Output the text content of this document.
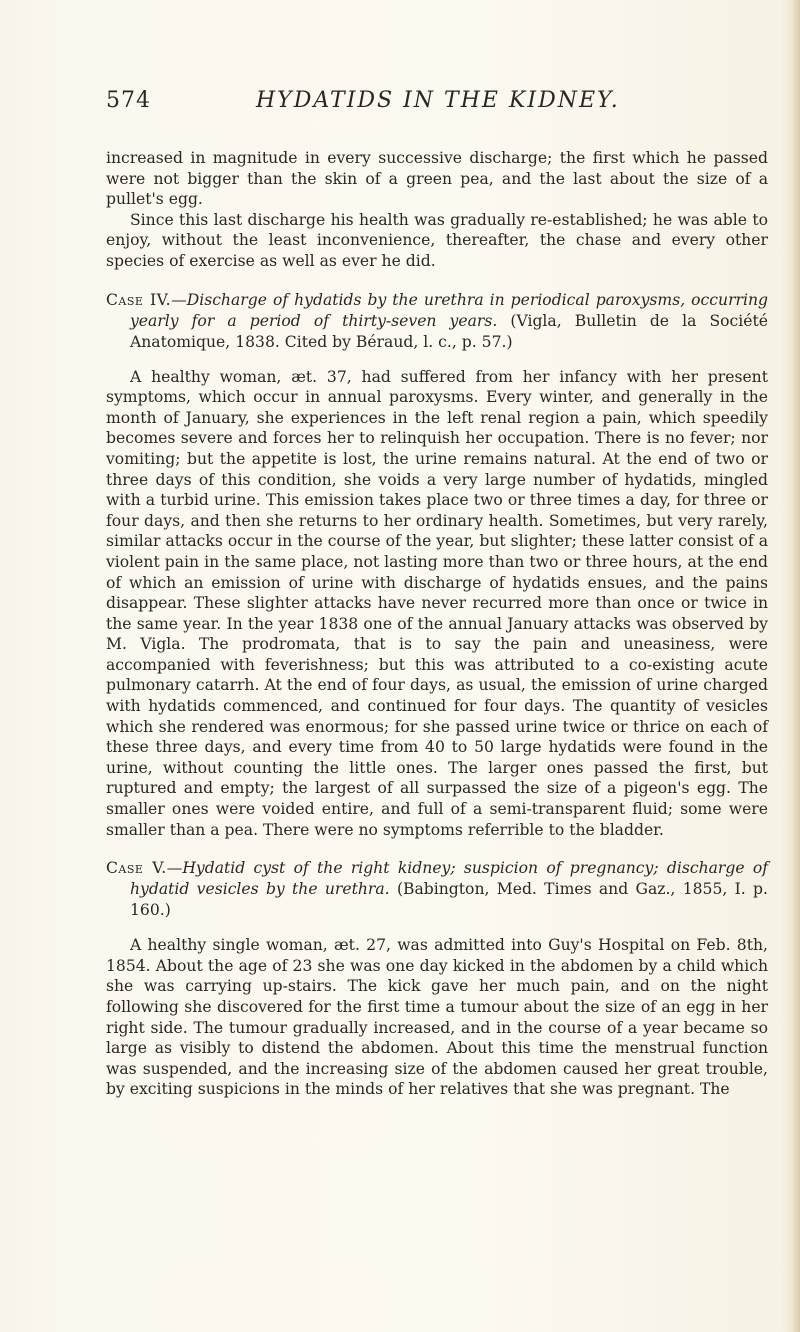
574	HYDATIDS IN THE KIDNEY.

increased in magnitude in every successive discharge; the first which he passed were not bigger than the skin of a green pea, and the last about the size of a pullet's egg.

Since this last discharge his health was gradually re-established; he was able to enjoy, without the least inconvenience, thereafter, the chase and every other species of exercise as well as ever he did.

Case IV.—Discharge of hydatids by the urethra in periodical paroxysms, occurring yearly for a period of thirty-seven years. (Vigla, Bulletin de la Société Anatomique, 1838. Cited by Béraud, l. c., p. 57.)

A healthy woman, æt. 37, had suffered from her infancy with her present symptoms, which occur in annual paroxysms. Every winter, and generally in the month of January, she experiences in the left renal region a pain, which speedily becomes severe and forces her to relinquish her occupation. There is no fever; nor vomiting; but the appetite is lost, the urine remains natural. At the end of two or three days of this condition, she voids a very large number of hydatids, mingled with a turbid urine. This emission takes place two or three times a day, for three or four days, and then she returns to her ordinary health. Sometimes, but very rarely, similar attacks occur in the course of the year, but slighter; these latter consist of a violent pain in the same place, not lasting more than two or three hours, at the end of which an emission of urine with discharge of hydatids ensues, and the pains disappear. These slighter attacks have never recurred more than once or twice in the same year. In the year 1838 one of the annual January attacks was observed by M. Vigla. The prodromata, that is to say the pain and uneasiness, were accompanied with feverishness; but this was attributed to a co-existing acute pulmonary catarrh. At the end of four days, as usual, the emission of urine charged with hydatids commenced, and continued for four days. The quantity of vesicles which she rendered was enormous; for she passed urine twice or thrice on each of these three days, and every time from 40 to 50 large hydatids were found in the urine, without counting the little ones. The larger ones passed the first, but ruptured and empty; the largest of all surpassed the size of a pigeon's egg. The smaller ones were voided entire, and full of a semi-transparent fluid; some were smaller than a pea. There were no symptoms referrible to the bladder.

Case V.—Hydatid cyst of the right kidney; suspicion of pregnancy; discharge of hydatid vesicles by the urethra. (Babington, Med. Times and Gaz., 1855, I. p. 160.)

A healthy single woman, æt. 27, was admitted into Guy's Hospital on Feb. 8th, 1854. About the age of 23 she was one day kicked in the abdomen by a child which she was carrying up-stairs. The kick gave her much pain, and on the night following she discovered for the first time a tumour about the size of an egg in her right side. The tumour gradually increased, and in the course of a year became so large as visibly to distend the abdomen. About this time the menstrual function was suspended, and the increasing size of the abdomen caused her great trouble, by exciting suspicions in the minds of her relatives that she was pregnant. The
